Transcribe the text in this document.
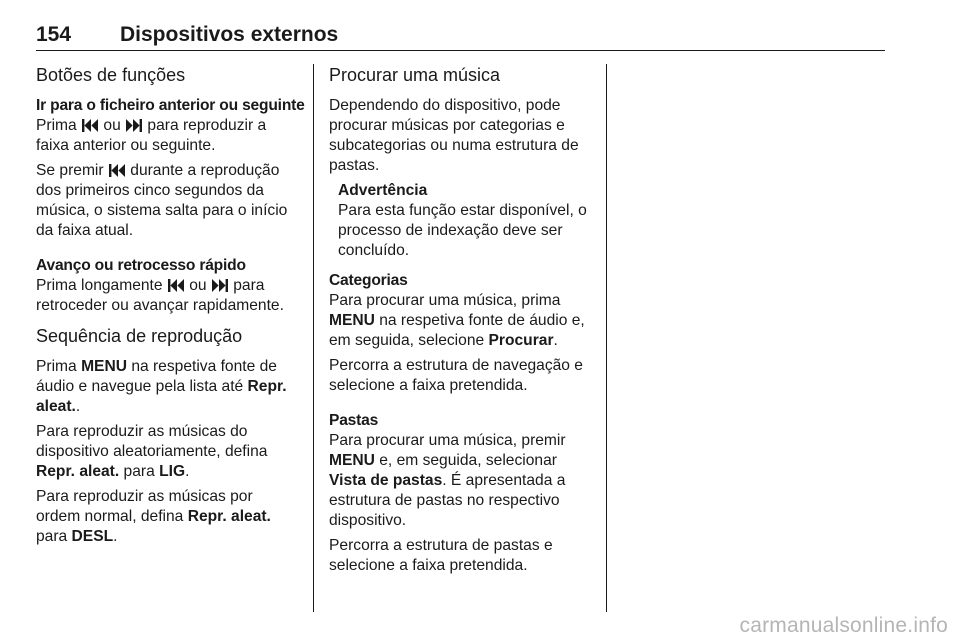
154 Dispositivos externos
Botões de funções
Ir para o ficheiro anterior ou seguinte

Prima  ou  para reproduzir a faixa anterior ou seguinte.

Se premir  durante a reprodução dos primeiros cinco segundos da música, o sistema salta para o início da faixa atual.

Avanço ou retrocesso rápido

Prima longamente  ou  para retroceder ou avançar rapidamente.

Sequência de reprodução

Prima MENU na respetiva fonte de áudio e navegue pela lista até Repr. aleat..

Para reproduzir as músicas do dispositivo aleatoriamente, defina Repr. aleat. para LIG.

Para reproduzir as músicas por ordem normal, defina Repr. aleat. para DESL.

Procurar uma música

Dependendo do dispositivo, pode procurar músicas por categorias e subcategorias ou numa estrutura de pastas.

Advertência
Para esta função estar disponível, o processo de indexação deve ser concluído.
Categorias

Para procurar uma música, prima MENU na respetiva fonte de áudio e, em seguida, selecione Procurar.

Percorra a estrutura de navegação e selecione a faixa pretendida.

Pastas

Para procurar uma música, premir MENU e, em seguida, selecionar Vista de pastas. É apresentada a estrutura de pastas no respectivo dispositivo.

Percorra a estrutura de pastas e selecione a faixa pretendida.

carmanualsonline.info
